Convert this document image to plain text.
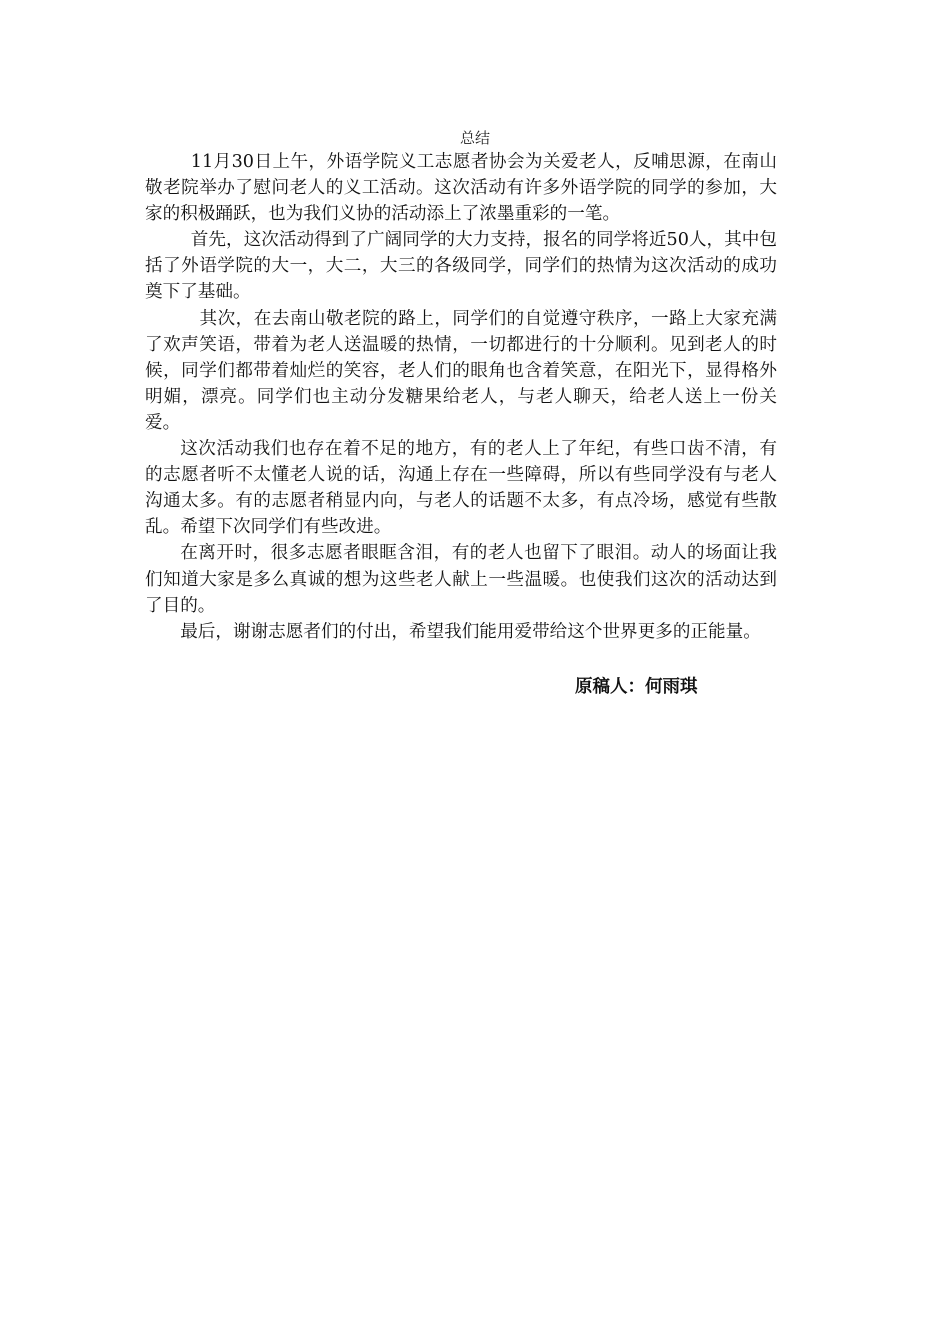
总结

11月30日上午，外语学院义工志愿者协会为关爱老人，反哺思源，在南山敬老院举办了慰问老人的义工活动。这次活动有许多外语学院的同学的参加，大家的积极踊跃，也为我们义协的活动添上了浓墨重彩的一笔。

首先，这次活动得到了广阔同学的大力支持，报名的同学将近50人，其中包括了外语学院的大一，大二，大三的各级同学，同学们的热情为这次活动的成功奠下了基础。

其次，在去南山敬老院的路上，同学们的自觉遵守秩序，一路上大家充满了欢声笑语，带着为老人送温暖的热情，一切都进行的十分顺利。见到老人的时候，同学们都带着灿烂的笑容，老人们的眼角也含着笑意，在阳光下，显得格外明媚，漂亮。同学们也主动分发糖果给老人，与老人聊天，给老人送上一份关爱。

这次活动我们也存在着不足的地方，有的老人上了年纪，有些口齿不清，有的志愿者听不太懂老人说的话，沟通上存在一些障碍，所以有些同学没有与老人沟通太多。有的志愿者稍显内向，与老人的话题不太多，有点冷场，感觉有些散乱。希望下次同学们有些改进。

在离开时，很多志愿者眼眶含泪，有的老人也留下了眼泪。动人的场面让我们知道大家是多么真诚的想为这些老人献上一些温暖。也使我们这次的活动达到了目的。

最后，谢谢志愿者们的付出，希望我们能用爱带给这个世界更多的正能量。

原稿人：何雨琪
